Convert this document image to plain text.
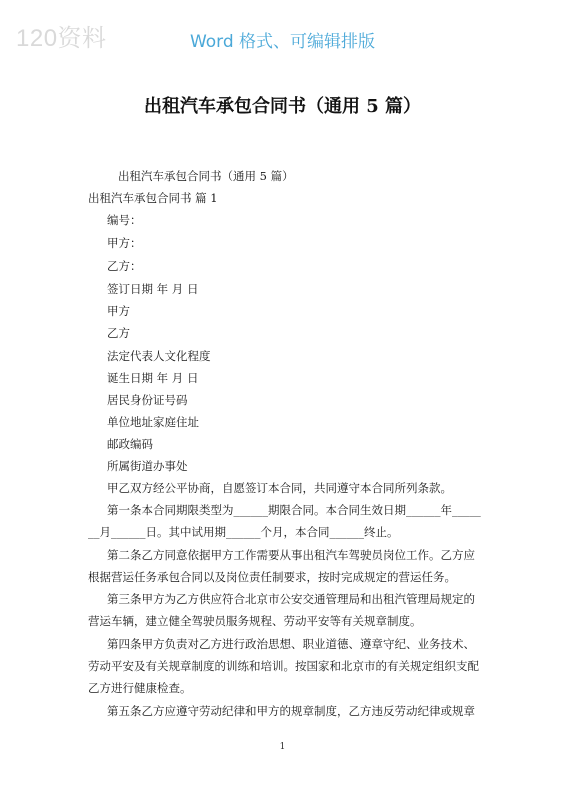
120资料	Word 格式、可编辑排版
出租汽车承包合同书（通用 5 篇）
出租汽车承包合同书（通用 5 篇）
出租汽车承包合同书 篇 1
编号：
甲方：
乙方：
签订日期 年 月 日
甲方
乙方
法定代表人文化程度
诞生日期 年 月 日
居民身份证号码
单位地址家庭住址
邮政编码
所属街道办事处
甲乙双方经公平协商，自愿签订本合同，共同遵守本合同所列条款。
第一条本合同期限类型为______期限合同。本合同生效日期______年_____
__月______日。其中试用期______个月，本合同______终止。
第二条乙方同意依据甲方工作需要从事出租汽车驾驶员岗位工作。乙方应
根据营运任务承包合同以及岗位责任制要求，按时完成规定的营运任务。
第三条甲方为乙方供应符合北京市公安交通管理局和出租汽管理局规定的
营运车辆，建立健全驾驶员服务规程、劳动平安等有关规章制度。
第四条甲方负责对乙方进行政治思想、职业道德、遵章守纪、业务技术、
劳动平安及有关规章制度的训练和培训。按国家和北京市的有关规定组织支配
乙方进行健康检查。
第五条乙方应遵守劳动纪律和甲方的规章制度，乙方违反劳动纪律或规章
1
